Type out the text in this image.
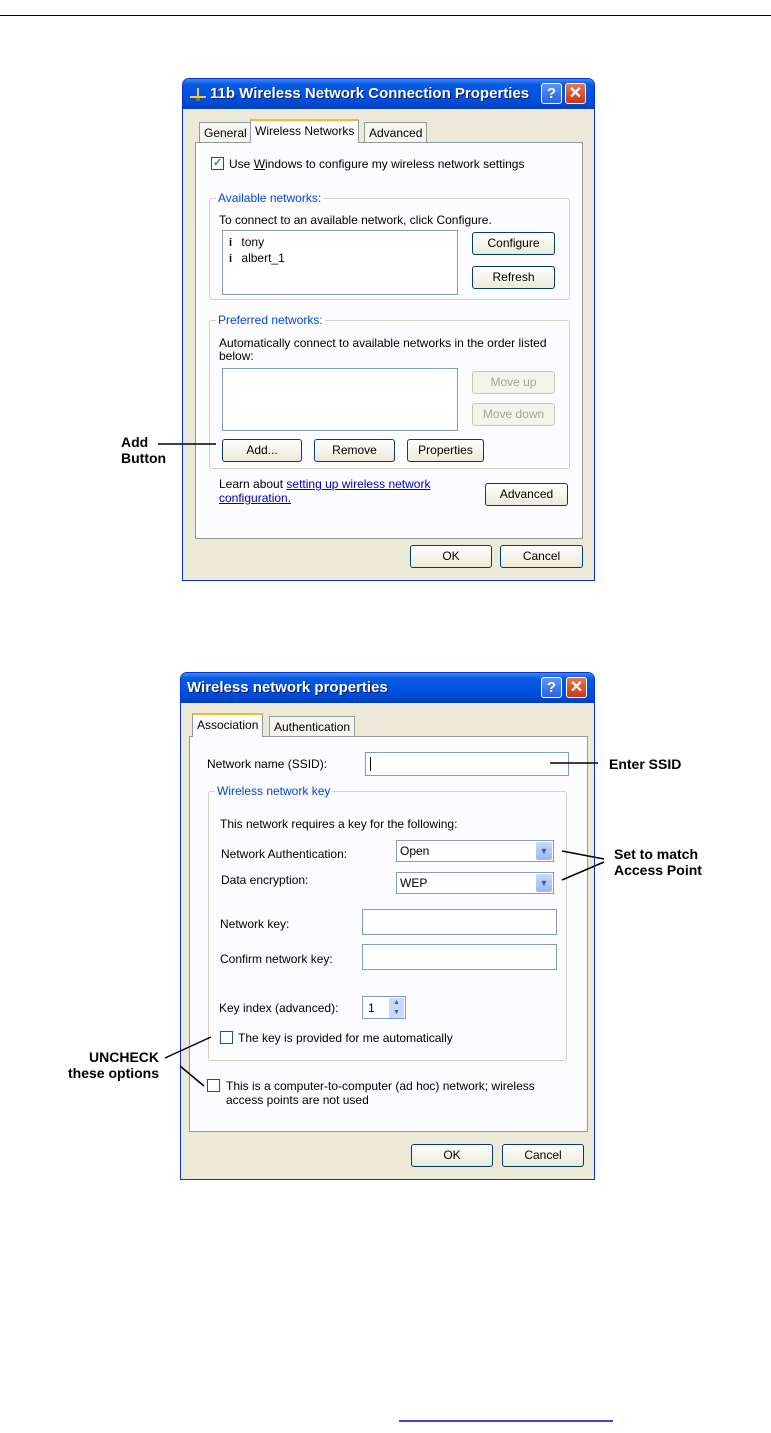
11b Wireless Network Connection Properties	? ✕
General Wireless Networks	Advanced
✓ Use Windows to configure my wireless network settings
Available networks:
To connect to an available network, click Configure.
i tony
i albert_1
Configure
Refresh
Preferred networks:
Automatically connect to available networks in the order listed
below:
Move up
Move down
Add...	Remove	Properties
Learn about setting up wireless network
configuration.	Advanced
OK	Cancel
Add
Button
Wireless network properties	? ✕
Association	Authentication
Network name (SSID):
Wireless network key
This network requires a key for the following:
Network Authentication:	Open	▼
Data encryption:	WEP	▼
Network key:
Confirm network key:
Key index (advanced): 1	▲
▼
The key is provided for me automatically
This is a computer-to-computer (ad hoc) network; wireless
access points are not used
OK	Cancel
Enter SSID
Set to match
Access Point
UNCHECK
these options
